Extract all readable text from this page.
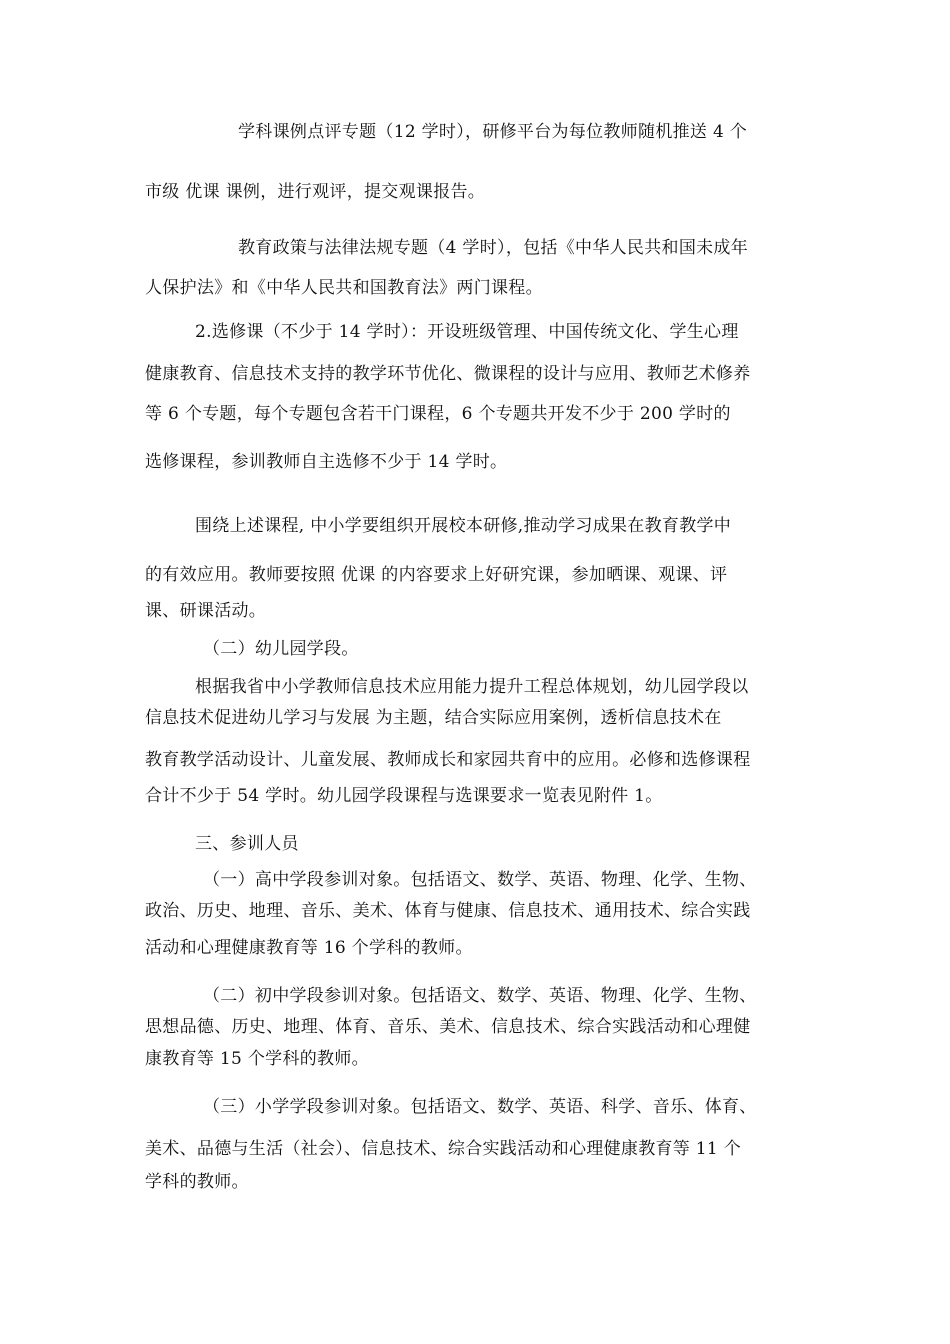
学科课例点评专题（12 学时），研修平台为每位教师随机推送 4 个
市级 优课 课例，进行观评，提交观课报告。
教育政策与法律法规专题（4 学时），包括《中华人民共和国未成年
人保护法》和《中华人民共和国教育法》两门课程。
2.选修课（不少于 14 学时）：开设班级管理、中国传统文化、学生心理
健康教育、信息技术支持的教学环节优化、微课程的设计与应用、教师艺术修养
等 6 个专题，每个专题包含若干门课程，6 个专题共开发不少于 200 学时的
选修课程，参训教师自主选修不少于 14 学时。
围绕上述课程, 中小学要组织开展校本研修,推动学习成果在教育教学中
的有效应用。教师要按照 优课 的内容要求上好研究课，参加晒课、观课、评
课、研课活动。
（二）幼儿园学段。
根据我省中小学教师信息技术应用能力提升工程总体规划，幼儿园学段以
信息技术促进幼儿学习与发展 为主题，结合实际应用案例，透析信息技术在
教育教学活动设计、儿童发展、教师成长和家园共育中的应用。必修和选修课程
合计不少于 54 学时。幼儿园学段课程与选课要求一览表见附件 1。
三、参训人员
（一）高中学段参训对象。包括语文、数学、英语、物理、化学、生物、
政治、历史、地理、音乐、美术、体育与健康、信息技术、通用技术、综合实践
活动和心理健康教育等 16 个学科的教师。
（二）初中学段参训对象。包括语文、数学、英语、物理、化学、生物、
思想品德、历史、地理、体育、音乐、美术、信息技术、综合实践活动和心理健
康教育等 15 个学科的教师。
（三）小学学段参训对象。包括语文、数学、英语、科学、音乐、体育、
美术、品德与生活（社会）、信息技术、综合实践活动和心理健康教育等 11 个
学科的教师。
